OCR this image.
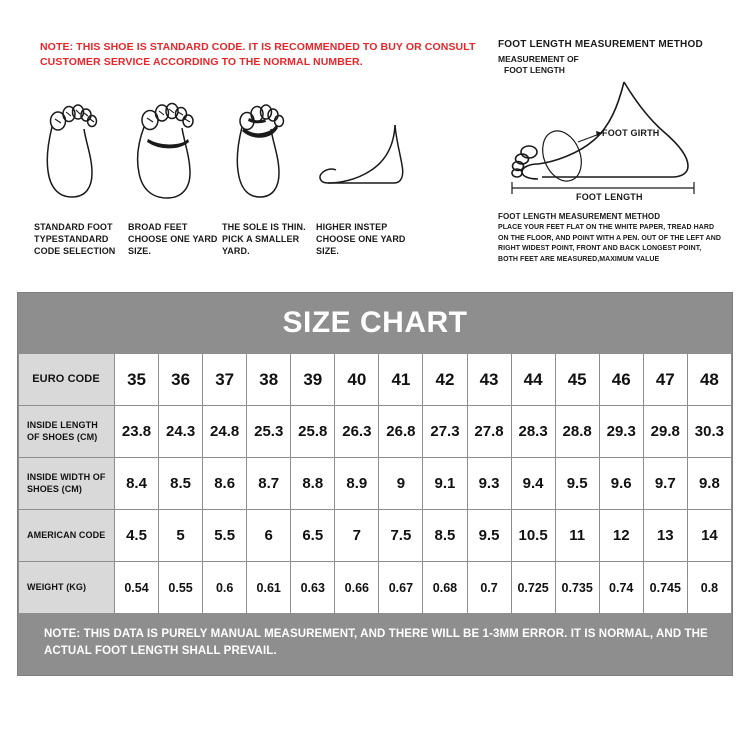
NOTE: THIS SHOE IS STANDARD CODE. IT IS RECOMMENDED TO BUY OR CONSULT CUSTOMER SERVICE ACCORDING TO THE NORMAL NUMBER.
STANDARD FOOT TYPESTANDARD CODE SELECTION
BROAD FEET CHOOSE ONE YARD SIZE.
THE SOLE IS THIN. PICK A SMALLER YARD.
HIGHER INSTEP CHOOSE ONE YARD SIZE.
FOOT LENGTH MEASUREMENT METHOD
MEASUREMENT OF
FOOT LENGTH
FOOT GIRTH
FOOT LENGTH
FOOT LENGTH MEASUREMENT METHOD
PLACE YOUR FEET FLAT ON THE WHITE PAPER, TREAD HARD ON THE FLOOR, AND POINT WITH A PEN. OUT OF THE LEFT AND RIGHT WIDEST POINT, FRONT AND BACK LONGEST POINT, BOTH FEET ARE MEASURED,MAXIMUM VALUE
SIZE CHART
EURO CODE	35	36	37	38	39	40	41	42	43	44	45	46	47	48
INSIDE LENGTH OF SHOES (CM)	23.8	24.3	24.8	25.3	25.8	26.3	26.8	27.3	27.8	28.3	28.8	29.3	29.8	30.3
INSIDE WIDTH OF SHOES (CM)	8.4	8.5	8.6	8.7	8.8	8.9	9	9.1	9.3	9.4	9.5	9.6	9.7	9.8
AMERICAN CODE	4.5	5	5.5	6	6.5	7	7.5	8.5	9.5	10.5	11	12	13	14
WEIGHT (KG)	0.54	0.55	0.6	0.61	0.63	0.66	0.67	0.68	0.7	0.725	0.735	0.74	0.745	0.8
NOTE: THIS DATA IS PURELY MANUAL MEASUREMENT, AND THERE WILL BE 1-3MM ERROR. IT IS NORMAL, AND THE ACTUAL FOOT LENGTH SHALL PREVAIL.
